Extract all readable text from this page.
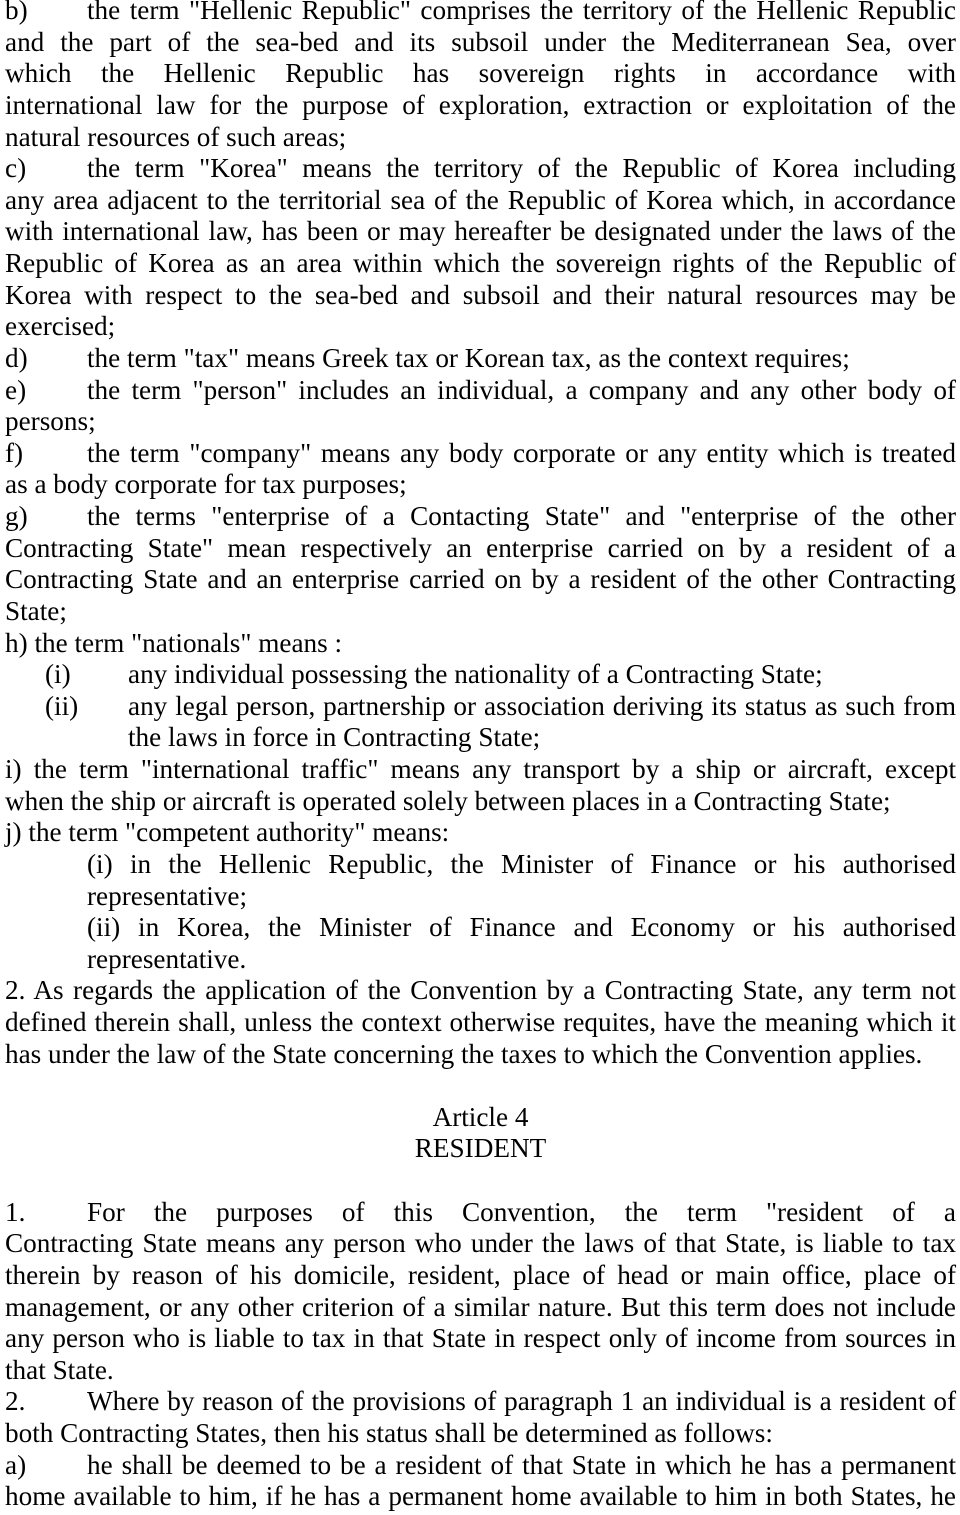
b)	the term "Hellenic Republic" comprises the territory of the Hellenic Republic
and the part of the sea-bed and its subsoil under the Mediterranean Sea, over
which the Hellenic Republic has sovereign rights in accordance with
international law for the purpose of exploration, extraction or exploitation of the
natural resources of such areas;
c)	the term "Korea" means the territory of the Republic of Korea including
any area adjacent to the territorial sea of the Republic of Korea which, in accordance
with international law, has been or may hereafter be designated under the laws of the
Republic of Korea as an area within which the sovereign rights of the Republic of
Korea with respect to the sea-bed and subsoil and their natural resources may be
exercised;
d)	the term "tax" means Greek tax or Korean tax, as the context requires;
e)	the term "person" includes an individual, a company and any other body of
persons;
f)	the term "company" means any body corporate or any entity which is treated
as a body corporate for tax purposes;
g)	the terms "enterprise of a Contacting State" and "enterprise of the other
Contracting State" mean respectively an enterprise carried on by a resident of a
Contracting State and an enterprise carried on by a resident of the other Contracting
State;
h) the term "nationals" means :
(i)	any individual possessing the nationality of a Contracting State;
(ii)	any legal person, partnership or association deriving its status as such from
the laws in force in Contracting State;
i) the term "international traffic" means any transport by a ship or aircraft, except
when the ship or aircraft is operated solely between places in a Contracting State;
j) the term "competent authority" means:
(i) in the Hellenic Republic, the Minister of Finance or his authorised
representative;
(ii) in Korea, the Minister of Finance and Economy or his authorised
representative.
2. As regards the application of the Convention by a Contracting State, any term not
defined therein shall, unless the context otherwise requites, have the meaning which it
has under the law of the State concerning the taxes to which the Convention applies.
Article 4
RESIDENT
1.	For the purposes of this Convention, the term "resident of a
Contracting State means any person who under the laws of that State, is liable to tax
therein by reason of his domicile, resident, place of head or main office, place of
management, or any other criterion of a similar nature. But this term does not include
any person who is liable to tax in that State in respect only of income from sources in
that State.
2.	Where by reason of the provisions of paragraph 1 an individual is a resident of
both Contracting States, then his status shall be determined as follows:
a)	he shall be deemed to be a resident of that State in which he has a permanent
home available to him, if he has a permanent home available to him in both States, he
